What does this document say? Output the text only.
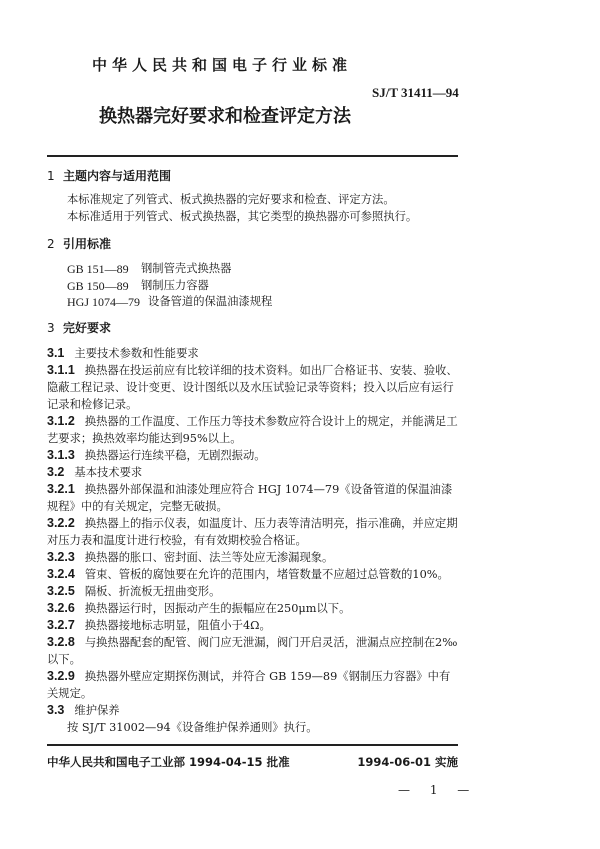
中华人民共和国电子行业标准
SJ/T 31411—94
换热器完好要求和检查评定方法
1 主题内容与适用范围
本标准规定了列管式、板式换热器的完好要求和检查、评定方法。
本标准适用于列管式、板式换热器，其它类型的换热器亦可参照执行。
2 引用标准
GB 151—89	钢制管壳式换热器
GB 150—89	钢制压力容器
HGJ 1074—79 设备管道的保温油漆规程
3 完好要求
3.1 主要技术参数和性能要求
3.1.1 换热器在投运前应有比较详细的技术资料。如出厂合格证书、安装、验收、隐蔽工程记录、设计变更、设计图纸以及水压试验记录等资料；投入以后应有运行记录和检修记录。
3.1.2 换热器的工作温度、工作压力等技术参数应符合设计上的规定，并能满足工艺要求；换热效率均能达到95%以上。
3.1.3 换热器运行连续平稳，无剧烈振动。
3.2 基本技术要求
3.2.1 换热器外部保温和油漆处理应符合 HGJ 1074—79《设备管道的保温油漆规程》中的有关规定，完整无破损。
3.2.2 换热器上的指示仪表，如温度计、压力表等清洁明亮，指示准确，并应定期对压力表和温度计进行校验，有有效期校验合格证。
3.2.3 换热器的胀口、密封面、法兰等处应无渗漏现象。
3.2.4 管束、管板的腐蚀要在允许的范围内，堵管数量不应超过总管数的10%。
3.2.5 隔板、折流板无扭曲变形。
3.2.6 换热器运行时，因振动产生的振幅应在250μm以下。
3.2.7 换热器接地标志明显，阻值小于4Ω。
3.2.8 与换热器配套的配管、阀门应无泄漏，阀门开启灵活，泄漏点应控制在2‰以下。
3.2.9 换热器外壁应定期探伤测试，并符合 GB 159—89《钢制压力容器》中有关规定。
3.3 维护保养
按 SJ/T 31002—94《设备维护保养通则》执行。
中华人民共和国电子工业部 1994-04-15 批准	1994-06-01 实施
— 1 —
